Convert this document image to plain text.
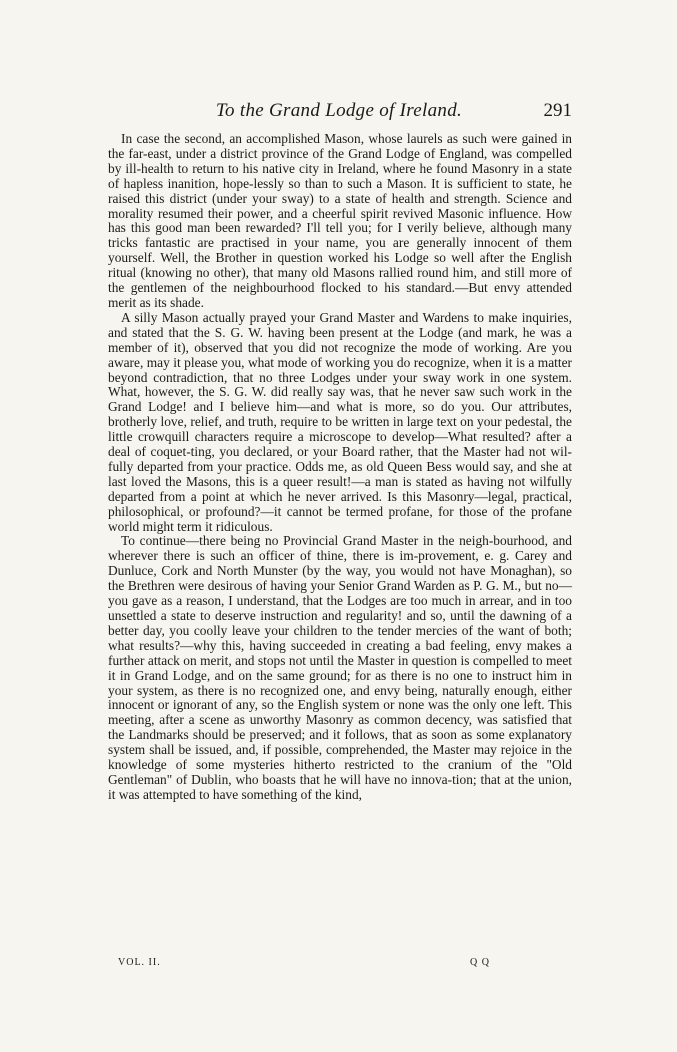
To the Grand Lodge of Ireland.	291

In case the second, an accomplished Mason, whose laurels as such were gained in the far-east, under a district province of the Grand Lodge of England, was compelled by ill-health to return to his native city in Ireland, where he found Masonry in a state of hapless inanition, hope-lessly so than to such a Mason. It is sufficient to state, he raised this district (under your sway) to a state of health and strength. Science and morality resumed their power, and a cheerful spirit revived Masonic influence. How has this good man been rewarded? I'll tell you; for I verily believe, although many tricks fantastic are practised in your name, you are generally innocent of them yourself. Well, the Brother in question worked his Lodge so well after the English ritual (knowing no other), that many old Masons rallied round him, and still more of the gentlemen of the neighbourhood flocked to his standard.—But envy attended merit as its shade.

A silly Mason actually prayed your Grand Master and Wardens to make inquiries, and stated that the S. G. W. having been present at the Lodge (and mark, he was a member of it), observed that you did not recognize the mode of working. Are you aware, may it please you, what mode of working you do recognize, when it is a matter beyond contradiction, that no three Lodges under your sway work in one system. What, however, the S. G. W. did really say was, that he never saw such work in the Grand Lodge! and I believe him—and what is more, so do you. Our attributes, brotherly love, relief, and truth, require to be written in large text on your pedestal, the little crowquill characters require a microscope to develop—What resulted? after a deal of coquet-ting, you declared, or your Board rather, that the Master had not wil-fully departed from your practice. Odds me, as old Queen Bess would say, and she at last loved the Masons, this is a queer result!—a man is stated as having not wilfully departed from a point at which he never arrived. Is this Masonry—legal, practical, philosophical, or profound?—it cannot be termed profane, for those of the profane world might term it ridiculous.

To continue—there being no Provincial Grand Master in the neigh-bourhood, and wherever there is such an officer of thine, there is im-provement, e. g. Carey and Dunluce, Cork and North Munster (by the way, you would not have Monaghan), so the Brethren were desirous of having your Senior Grand Warden as P. G. M., but no—you gave as a reason, I understand, that the Lodges are too much in arrear, and in too unsettled a state to deserve instruction and regularity! and so, until the dawning of a better day, you coolly leave your children to the tender mercies of the want of both; what results?—why this, having succeeded in creating a bad feeling, envy makes a further attack on merit, and stops not until the Master in question is compelled to meet it in Grand Lodge, and on the same ground; for as there is no one to instruct him in your system, as there is no recognized one, and envy being, naturally enough, either innocent or ignorant of any, so the English system or none was the only one left. This meeting, after a scene as unworthy Masonry as common decency, was satisfied that the Landmarks should be preserved; and it follows, that as soon as some explanatory system shall be issued, and, if possible, comprehended, the Master may rejoice in the knowledge of some mysteries hitherto restricted to the cranium of the "Old Gentleman" of Dublin, who boasts that he will have no innova-tion; that at the union, it was attempted to have something of the kind,

VOL. II.	Q Q
